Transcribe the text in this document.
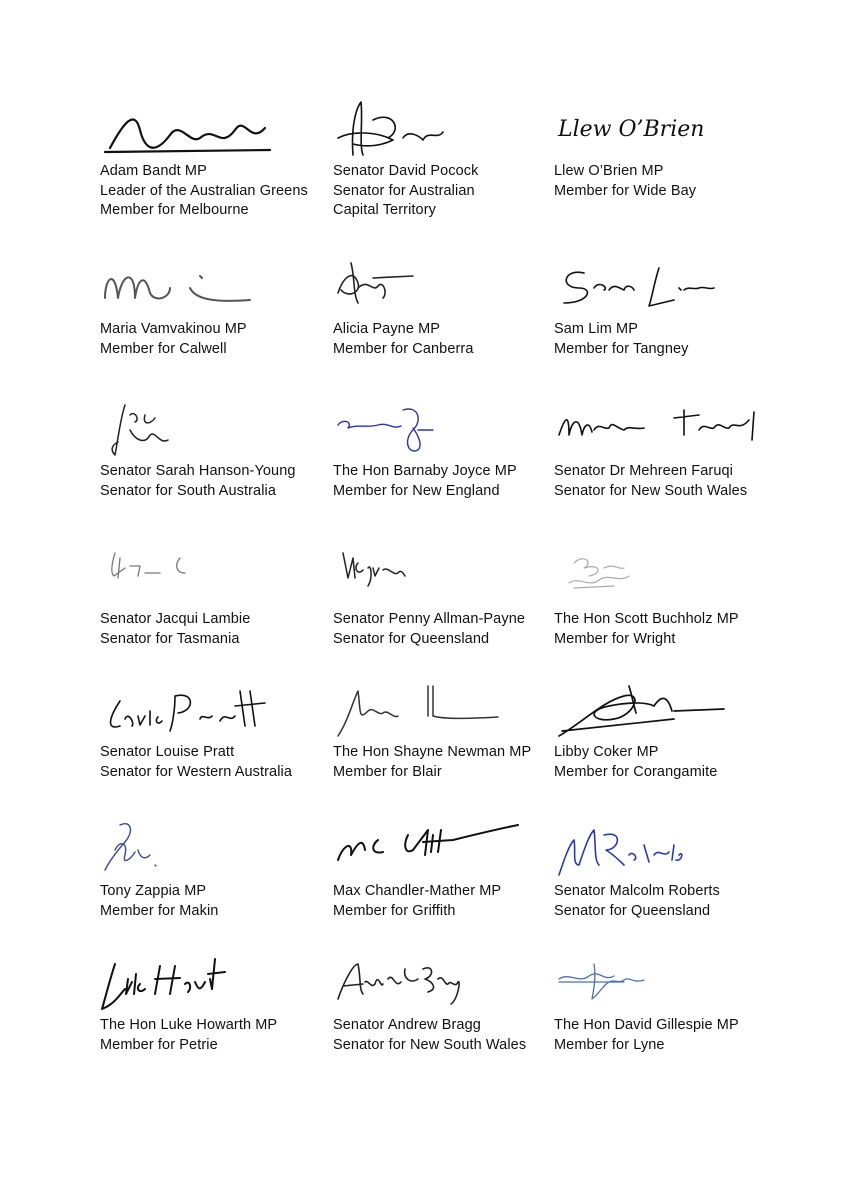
Adam Bandt MP
Leader of the Australian Greens
Member for Melbourne
Senator David Pocock
Senator for Australian
Capital Territory
Llew O’Brien
Llew O’Brien MP
Member for Wide Bay
Maria Vamvakinou MP
Member for Calwell
Alicia Payne MP
Member for Canberra
Sam Lim MP
Member for Tangney
Senator Sarah Hanson-Young
Senator for South Australia
The Hon Barnaby Joyce MP
Member for New England
Senator Dr Mehreen Faruqi
Senator for New South Wales
Senator Jacqui Lambie
Senator for Tasmania
Senator Penny Allman-Payne
Senator for Queensland
The Hon Scott Buchholz MP
Member for Wright
Senator Louise Pratt
Senator for Western Australia
The Hon Shayne Newman MP
Member for Blair
Libby Coker MP
Member for Corangamite
Tony Zappia MP
Member for Makin
Max Chandler-Mather MP
Member for Griffith
Senator Malcolm Roberts
Senator for Queensland
The Hon Luke Howarth MP
Member for Petrie
Senator Andrew Bragg
Senator for New South Wales
The Hon David Gillespie MP
Member for Lyne
